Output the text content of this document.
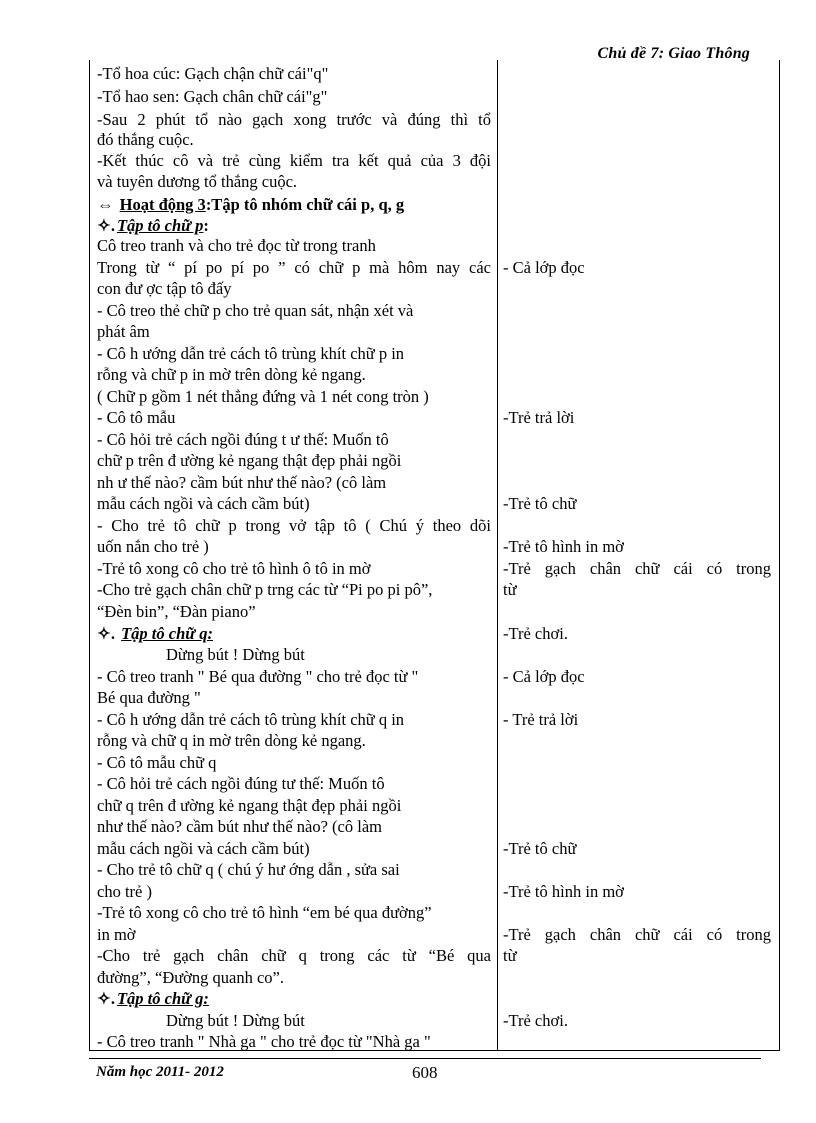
Chủ đề 7: Giao Thông
-Tổ hoa cúc: Gạch chận chữ cái"q"
-Tổ hao sen: Gạch chân chữ cái"g"
-Sau 2 phút tổ nào gạch xong trước và đúng thì tổ
đó thắng cuộc.
-Kết thúc cô và trẻ cùng kiểm tra kết quả của 3 đội
và tuyên dương tổ thắng cuộc.
⇔ Hoạt động 3:Tập tô nhóm chữ cái p, q, g
✧. Tập tô chữ p:
Cô treo tranh và cho trẻ đọc từ trong tranh
Trong từ “ pí po pí po ” có chữ p mà hôm nay các
con đư ợc tập tô đấy
- Cô treo thẻ chữ p cho trẻ quan sát, nhận xét và
phát âm
- Cô h ướng dẫn trẻ cách tô trùng khít chữ p in
rỗng và chữ p in mờ trên dòng kẻ ngang.
( Chữ p gồm 1 nét thẳng đứng và 1 nét cong tròn )
- Cô tô mẫu
- Cô hỏi trẻ cách ngồi đúng t ư thế: Muốn tô
chữ p trên đ ường kẻ ngang thật đẹp phải ngồi
nh ư thế nào? cầm bút như thế nào? (cô làm
mẫu cách ngồi và cách cầm bút)
- Cho trẻ tô chữ p trong vở tập tô ( Chú ý theo dõi
uốn nắn cho trẻ )
-Trẻ tô xong cô cho trẻ tô hình ô tô in mờ
-Cho trẻ gạch chân chữ p trng các từ “Pi po pi pô”,
“Đèn bin”, “Đàn piano”
✧. Tập tô chữ q:
Dừng bút ! Dừng bút
- Cô treo tranh " Bé qua đường " cho trẻ đọc từ "
Bé qua đường "
- Cô h ướng dẫn trẻ cách tô trùng khít chữ q in
rỗng và chữ q in mờ trên dòng kẻ ngang.
- Cô tô mẫu chữ q
- Cô hỏi trẻ cách ngồi đúng tư thế: Muốn tô
chữ q trên đ ường kẻ ngang thật đẹp phải ngồi
như thế nào? cầm bút như thế nào? (cô làm
mẫu cách ngồi và cách cầm bút)
- Cho trẻ tô chữ q ( chú ý hư ớng dẫn , sửa sai
cho trẻ )
-Trẻ tô xong cô cho trẻ tô hình “em bé qua đường”
in mờ
-Cho trẻ gạch chân chữ q trong các từ “Bé qua
đường”, “Đường quanh co”.
✧. Tập tô chữ g:
Dừng bút ! Dừng bút
- Cô treo tranh " Nhà ga " cho trẻ đọc từ "Nhà ga "
- Cả lớp đọc
-Trẻ trả lời
-Trẻ tô chữ
-Trẻ tô hình in mờ
-Trẻ gạch chân chữ cái có trong
từ
-Trẻ chơi.
- Cả lớp đọc
- Trẻ trả lời
-Trẻ tô chữ
-Trẻ tô hình in mờ
-Trẻ gạch chân chữ cái có trong
từ
-Trẻ chơi.
Năm học 2011- 2012	608
